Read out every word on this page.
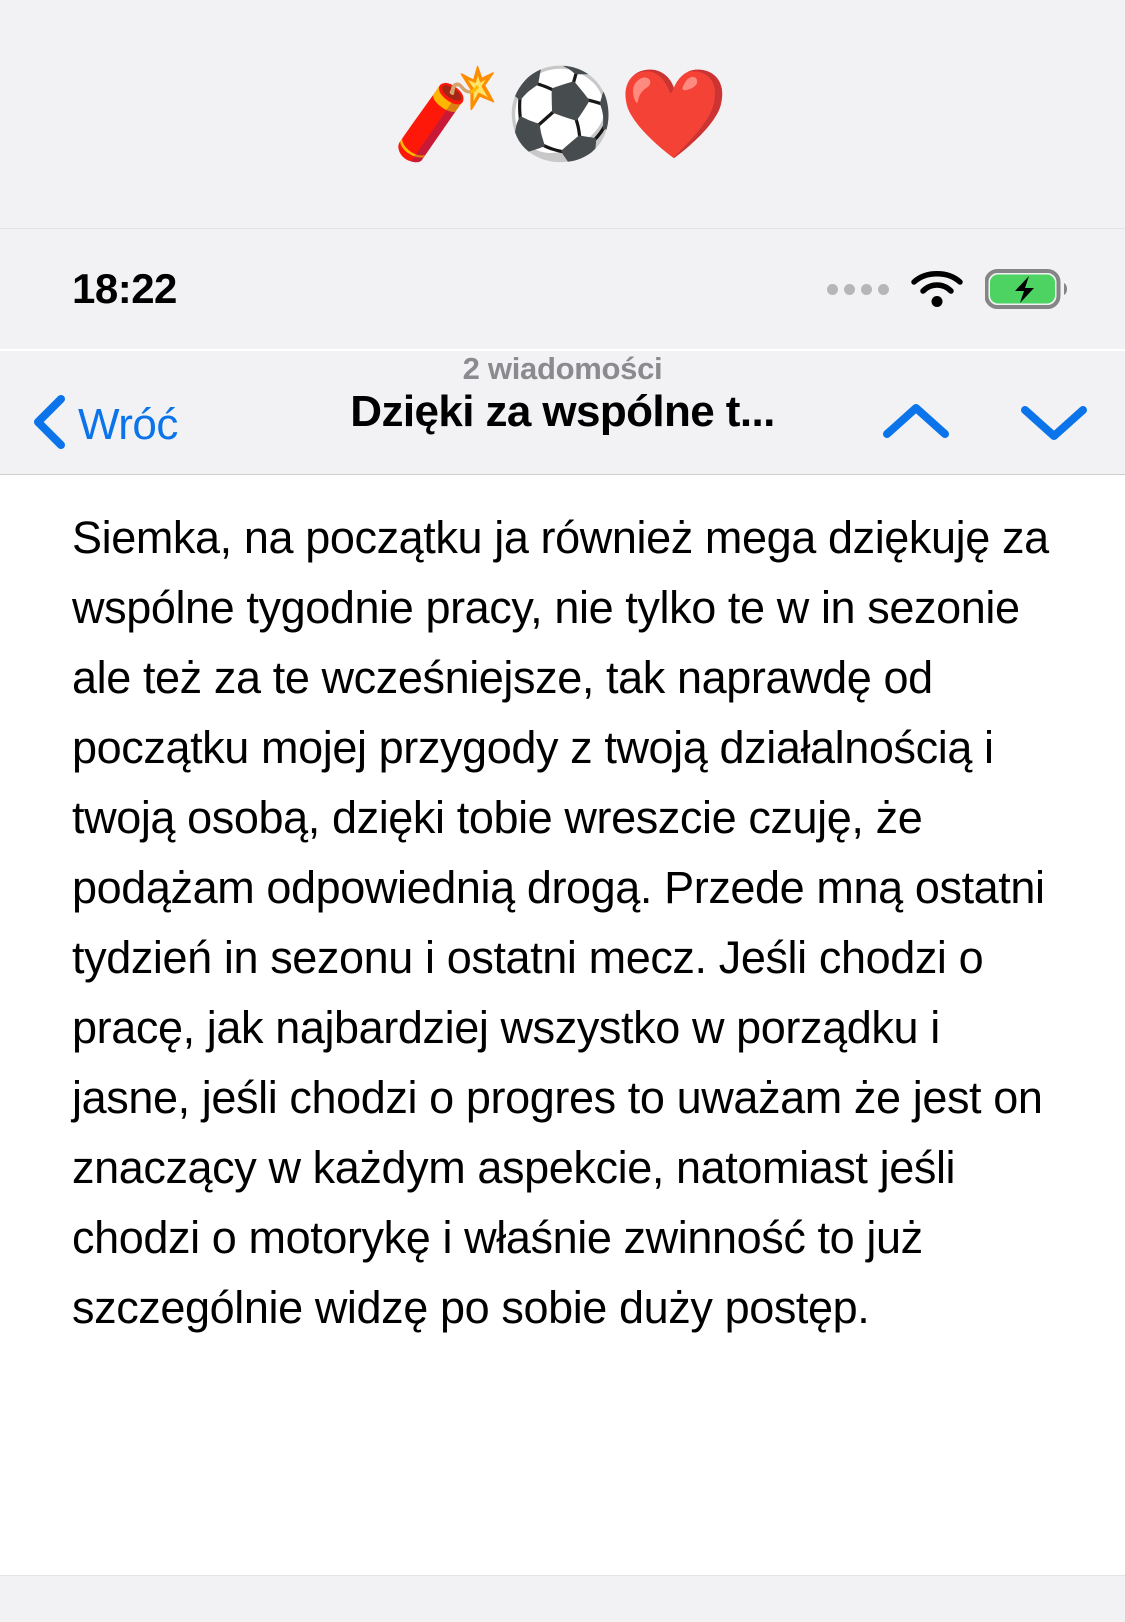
🧨⚽❤️
18:22
2 wiadomości
Dzięki za wspólne t...
Wróć
Siemka, na początku ja również mega dziękuję za wspólne tygodnie pracy, nie tylko te w in sezonie ale też za te wcześniejsze, tak naprawdę od początku mojej przygody z twoją działalnością i twoją osobą, dzięki tobie wreszcie czuję, że podążam odpowiednią drogą. Przede mną ostatni tydzień in sezonu i ostatni mecz. Jeśli chodzi o pracę, jak najbardziej wszystko w porządku i jasne, jeśli chodzi o progres to uważam że jest on znaczący w każdym aspekcie, natomiast jeśli chodzi o motorykę i właśnie zwinność to już szczególnie widzę po sobie duży postęp.
